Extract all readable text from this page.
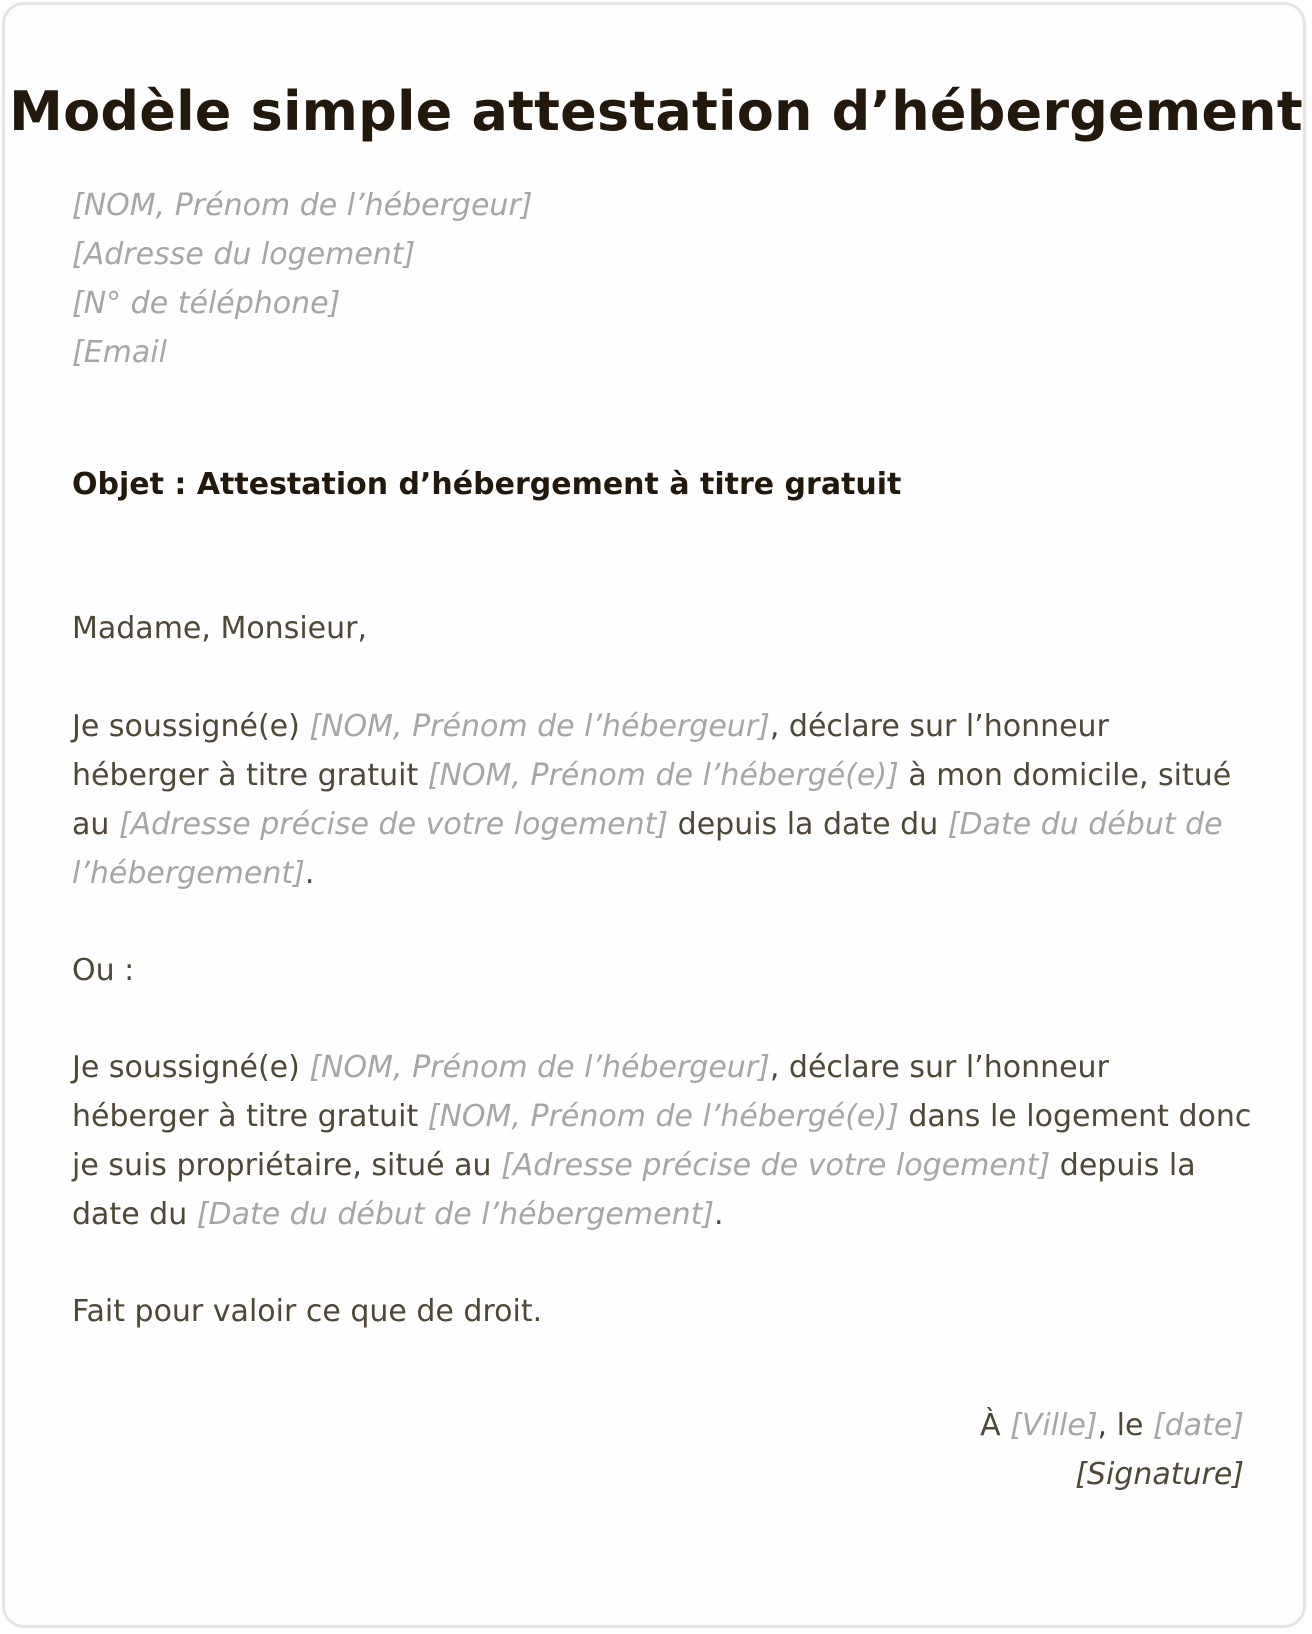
Modèle simple attestation d’hébergement
[NOM, Prénom de l’hébergeur]
[Adresse du logement]
[N° de téléphone]
[Email
Objet : Attestation d’hébergement à titre gratuit
Madame, Monsieur,
Je soussigné(e) [NOM, Prénom de l’hébergeur], déclare sur l’honneur
héberger à titre gratuit [NOM, Prénom de l’hébergé(e)] à mon domicile, situé
au [Adresse précise de votre logement] depuis la date du [Date du début de
l’hébergement].
Ou :
Je soussigné(e) [NOM, Prénom de l’hébergeur], déclare sur l’honneur
héberger à titre gratuit [NOM, Prénom de l’hébergé(e)] dans le logement donc
je suis propriétaire, situé au [Adresse précise de votre logement] depuis la
date du [Date du début de l’hébergement].
Fait pour valoir ce que de droit.
À [Ville], le [date]
[Signature]
